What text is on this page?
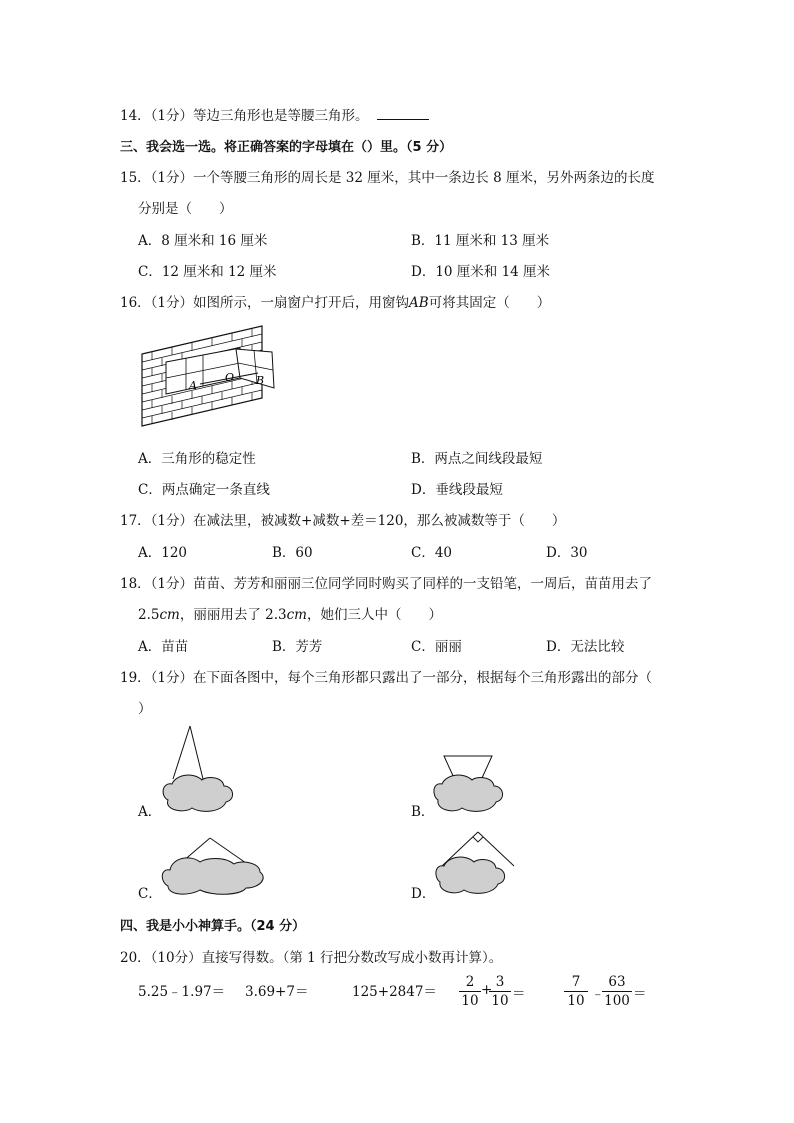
14．（1分）等边三角形也是等腰三角形。
三、我会选一选。将正确答案的字母填在（）里。（5 分）
15．（1分）一个等腰三角形的周长是 32 厘米，其中一条边长 8 厘米，另外两条边的长度
分别是（　　）
A．8 厘米和 16 厘米	B．11 厘米和 13 厘米
C．12 厘米和 12 厘米	D．10 厘米和 14 厘米
16．（1分）如图所示，一扇窗户打开后，用窗钩AB可将其固定（　　）
A
O B
A．三角形的稳定性	B．两点之间线段最短
C．两点确定一条直线	D．垂线段最短
17．（1分）在减法里，被减数+减数+差＝120，那么被减数等于（　　）
A．120	B．60	C．40	D．30
18．（1分）苗苗、芳芳和丽丽三位同学同时购买了同样的一支铅笔，一周后，苗苗用去了
2.5cm，丽丽用去了 2.3cm，她们三人中（　　）
A．苗苗	B．芳芳	C．丽丽	D．无法比较
19．（1分）在下面各图中，每个三角形都只露出了一部分，根据每个三角形露出的部分（
）
A．	B．
C．	D．
四、我是小小神算手。（24 分）
20．（10分）直接写得数。（第 1 行把分数改写成小数再计算）。
5.25﹣1.97＝ 3.69+7＝	125+2847＝
2
10
+ 3
10 ＝
7
10 ﹣
63
100 ＝
